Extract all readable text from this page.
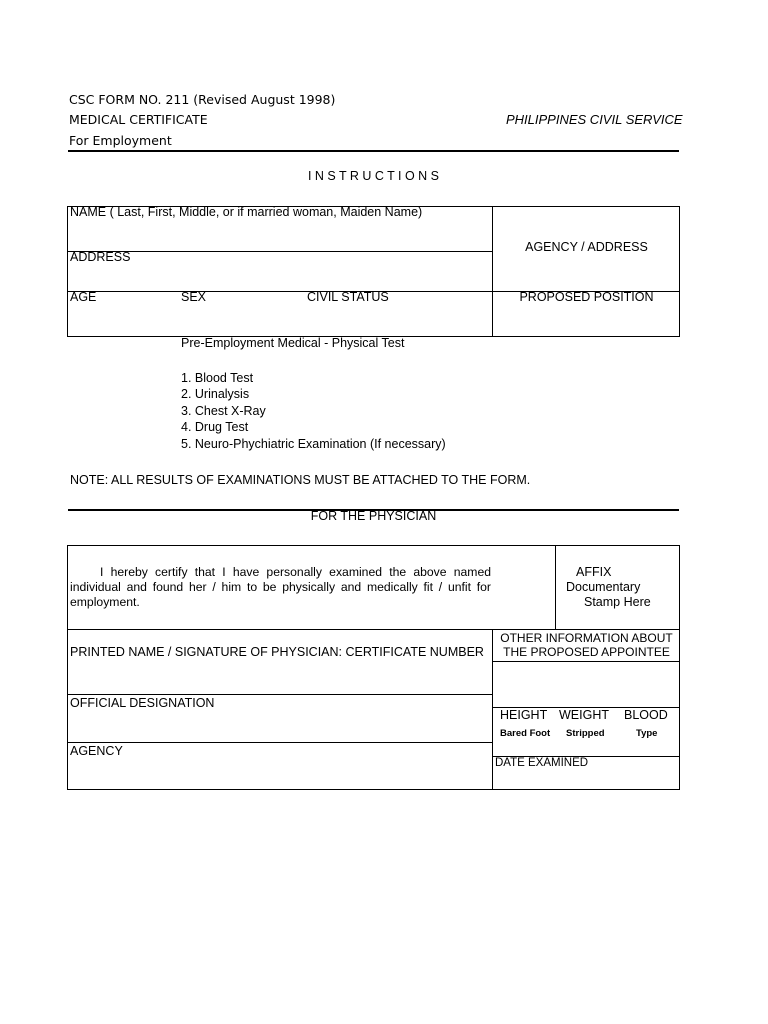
CSC FORM NO. 211 (Revised August 1998)
MEDICAL CERTIFICATE
For Employment
PHILIPPINES CIVIL SERVICE
I N S T R U C T I O N S
NAME ( Last, First, Middle, or if married woman, Maiden Name)
ADDRESS
AGENCY / ADDRESS
AGE	SEX	CIVIL STATUS	PROPOSED POSITION
Pre-Employment Medical - Physical Test
1. Blood Test
2. Urinalysis
3. Chest X-Ray
4. Drug Test
5. Neuro-Phychiatric Examination (If necessary)
NOTE: ALL RESULTS OF EXAMINATIONS MUST BE ATTACHED TO THE FORM.
FOR THE PHYSICIAN
I hereby certify that I have personally examined the above named individual and found her / him to be physically and medically fit / unfit for employment.
AFFIX
Documentary
Stamp Here
PRINTED NAME / SIGNATURE OF PHYSICIAN: CERTIFICATE NUMBER
OTHER INFORMATION ABOUT
THE PROPOSED APPOINTEE
OFFICIAL DESIGNATION
AGENCY
HEIGHT WEIGHT BLOOD
Bared Foot Stripped	Type
DATE EXAMINED
